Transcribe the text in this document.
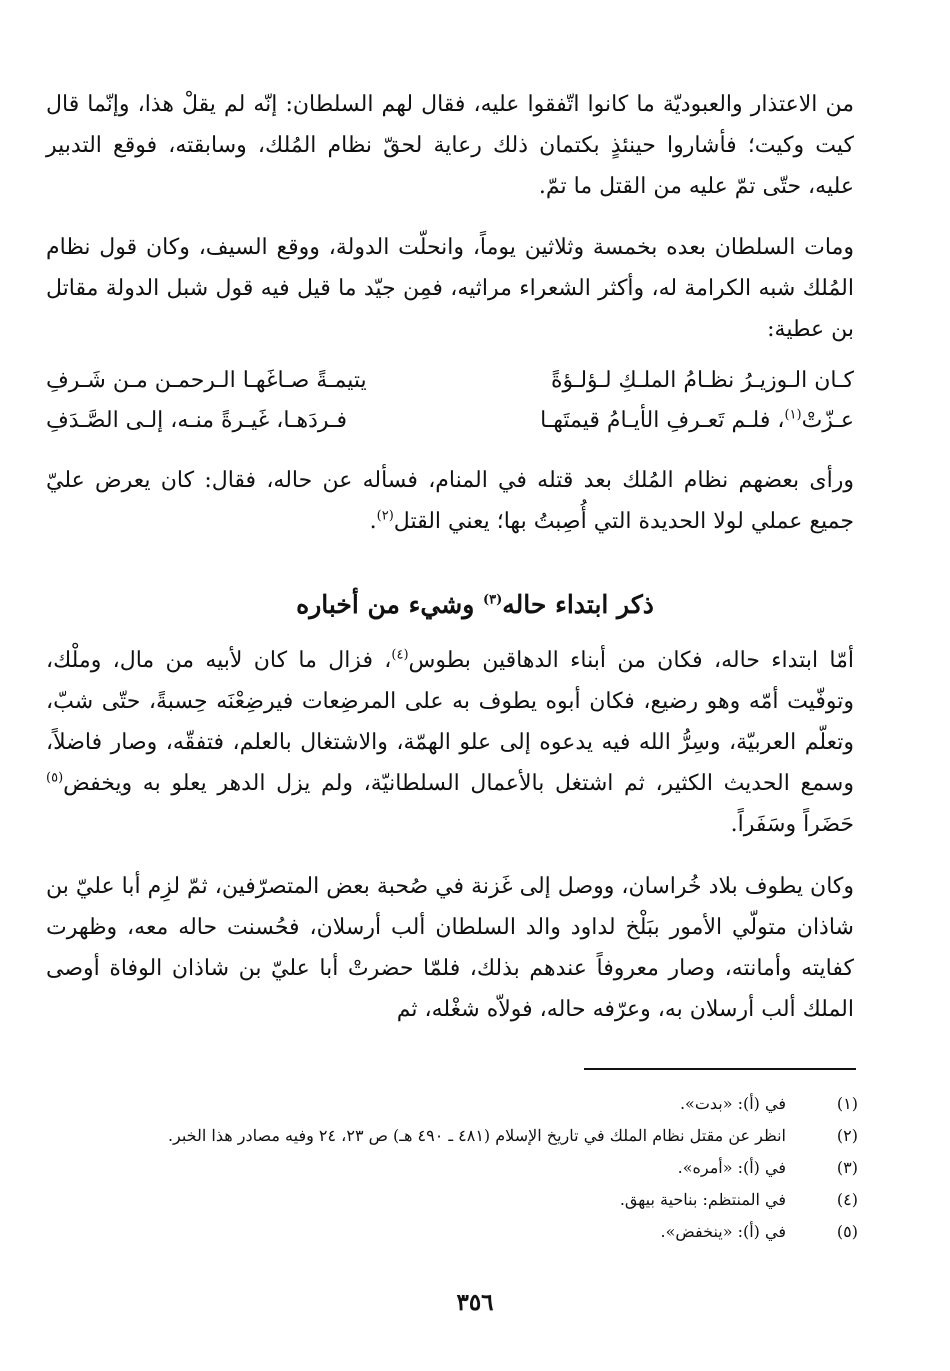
من الاعتذار والعبوديّة ما كانوا اتّفقوا عليه، فقال لهم السلطان: إنّه لم يقلْ هذا، وإنّما قال كيت وكيت؛ فأشاروا حينئذٍ بكتمان ذلك رعاية لحقّ نظام المُلك، وسابقته، فوقع التدبير عليه، حتّى تمّ عليه من القتل ما تمّ.

ومات السلطان بعده بخمسة وثلاثين يوماً، وانحلّت الدولة، ووقع السيف، وكان قول نظام المُلك شبه الكرامة له، وأكثر الشعراء مراثيه، فمِن جيّد ما قيل فيه قول شبل الدولة مقاتل بن عطية:

كـان الـوزيـرُ نظـامُ الملـكِ لـؤلـؤةً
يتيمـةً صـاغَهـا الـرحمـن مـن شَـرفِ
عـزّتْ$^{(١)}$، فلـم تَعـرفِ الأيـامُ قيمتَهـا
فـردَهـا، غَيـرةً منـه، إلـى الصَّـدَفِ

ورأى بعضهم نظام المُلك بعد قتله في المنام، فسأله عن حاله، فقال: كان يعرض عليّ جميع عملي لولا الحديدة التي أُصِبتُ بها؛ يعني القتل$^{(٢)}$.

ذكر ابتداء حاله$^{(٣)}$ وشيء من أخباره

أمّا ابتداء حاله، فكان من أبناء الدهاقين بطوس$^{(٤)}$، فزال ما كان لأبيه من مال، وملْك، وتوفّيت أمّه وهو رضيع، فكان أبوه يطوف به على المرضِعات فيرضِعْنَه حِسبةً، حتّى شبّ، وتعلّم العربيّة، وسِرُّ الله فيه يدعوه إلى علو الهمّة، والاشتغال بالعلم، فتفقّه، وصار فاضلاً، وسمع الحديث الكثير، ثم اشتغل بالأعمال السلطانيّة، ولم يزل الدهر يعلو به ويخفض$^{(٥)}$ حَضَراً وسَفَراً.

وكان يطوف بلاد خُراسان، ووصل إلى غَزنة في صُحبة بعض المتصرّفين، ثمّ لزِم أبا عليّ بن شاذان متولّي الأمور ببَلْخ لداود والد السلطان ألب أرسلان، فحُسنت حاله معه، وظهرت كفايته وأمانته، وصار معروفاً عندهم بذلك، فلمّا حضرتْ أبا عليّ بن شاذان الوفاة أوصى الملك ألب أرسلان به، وعرّفه حاله، فولاّه شغْله، ثم

(١)
في (أ): «بدت».
(٢)
انظر عن مقتل نظام الملك في تاريخ الإسلام (٤٨١ ـ ٤٩٠ هـ) ص ٢٣، ٢٤ وفيه مصادر هذا الخبر.
(٣)
في (أ): «أمره».
(٤)
في المنتظم: بناحية بيهق.
(٥)
في (أ): «ينخفض».
٣٥٦
